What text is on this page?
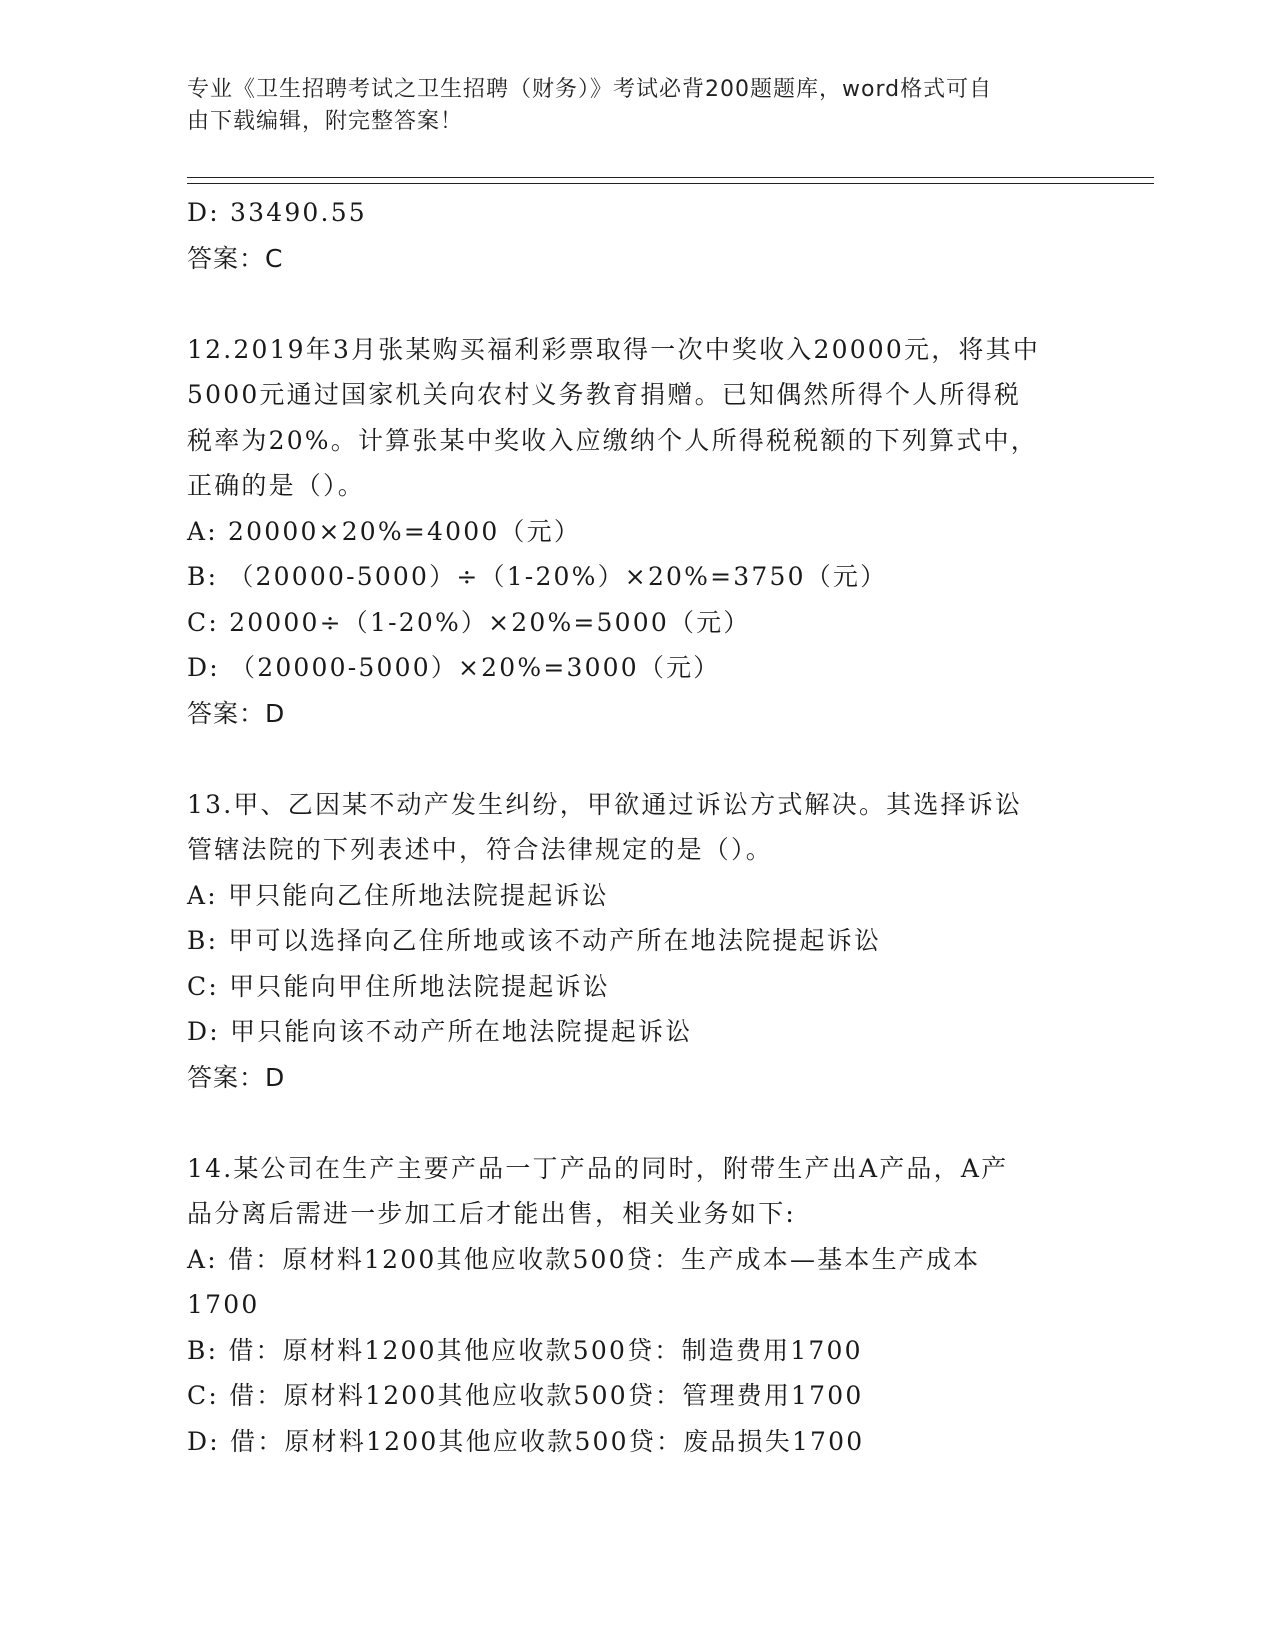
专业《卫生招聘考试之卫生招聘（财务）》考试必背200题题库，word格式可自
由下载编辑，附完整答案！
D: 33490.55
答案：C
12.2019年3月张某购买福利彩票取得一次中奖收入20000元，将其中
5000元通过国家机关向农村义务教育捐赠。已知偶然所得个人所得税
税率为20%。计算张某中奖收入应缴纳个人所得税税额的下列算式中，
正确的是（）。
A: 20000×20%=4000（元）
B: （20000-5000）÷（1-20%）×20%=3750（元）
C: 20000÷（1-20%）×20%=5000（元）
D: （20000-5000）×20%=3000（元）
答案：D
13.甲、乙因某不动产发生纠纷，甲欲通过诉讼方式解决。其选择诉讼
管辖法院的下列表述中，符合法律规定的是（）。
A: 甲只能向乙住所地法院提起诉讼
B: 甲可以选择向乙住所地或该不动产所在地法院提起诉讼
C: 甲只能向甲住所地法院提起诉讼
D: 甲只能向该不动产所在地法院提起诉讼
答案：D
14.某公司在生产主要产品一丁产品的同时，附带生产出A产品，A产
品分离后需进一步加工后才能出售，相关业务如下:
A: 借：原材料1200其他应收款500贷：生产成本—基本生产成本
1700
B: 借：原材料1200其他应收款500贷：制造费用1700
C: 借：原材料1200其他应收款500贷：管理费用1700
D: 借：原材料1200其他应收款500贷：废品损失1700
